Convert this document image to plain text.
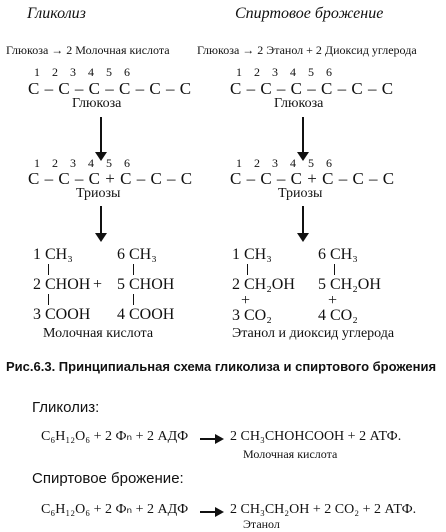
Гликолиз	Спиртовое брожение
Глюкоза → 2 Молочная кислота Глюкоза → 2 Этанол + 2 Диоксид углерода
1    2    3    4    5    6
C – C – C – C – C – C
Глюкоза
1    2    3    4    5    6
C – C – C + C – C – C
Триозы
1 CH₃
2 CHOH
3 COOH
+
6 CH₃
5 CHOH
4 COOH
Молочная кислота
1    2    3    4    5    6
C – C – C – C – C – C
Глюкоза
1    2    3    4    5    6
C – C – C + C – C – C
Триозы
1 CH₃
2 CH₂OH
+
3 CO₂
6 CH₃
5 CH₂OH
+
4 CO₂
Этанол и диоксид углерода
Рис.6.3. Принципиальная схема гликолиза и спиртового брожения
Гликолиз:
C₆H₁₂O₆ + 2 Фₙ + 2 АДФ → 2 CH₃CHOHCOOH + 2 АТФ.
Молочная кислота
Спиртовое брожение:
C₆H₁₂O₆ + 2 Фₙ + 2 АДФ → 2 CH₃CH₂OH + 2 CO₂ + 2 АТФ.
Этанол
